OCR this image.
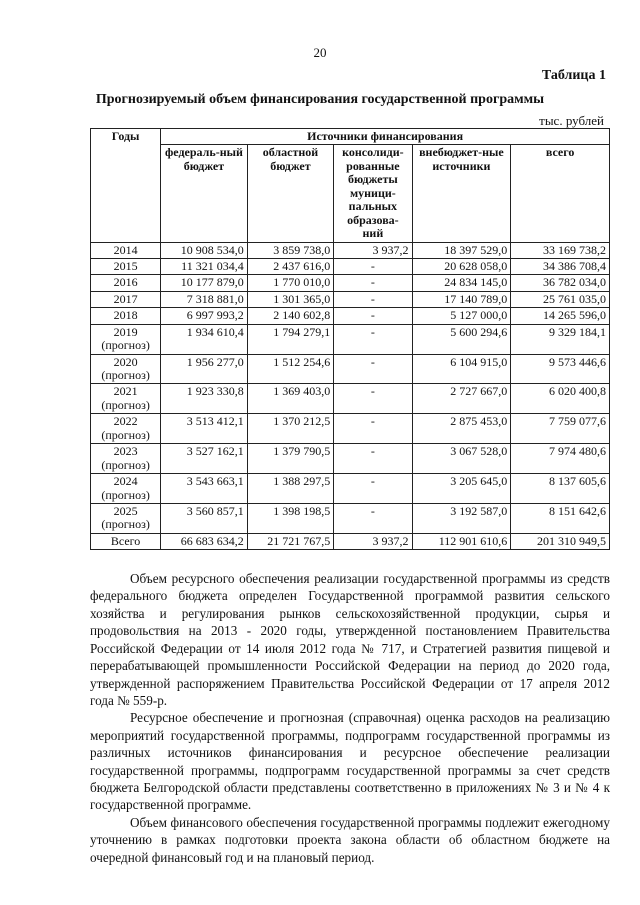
20
Таблица 1
Прогнозируемый объем финансирования государственной программы
тыс. рублей
Годы	Источники финансирования				
	федераль-ный бюджет	областной бюджет	консолиди-рованные бюджеты муници-пальных образова-ний	внебюджет-ные источники	всего

2014	10 908 534,0	3 859 738,0	3 937,2	18 397 529,0	33 169 738,2

2015	11 321 034,4	2 437 616,0	-	20 628 058,0	34 386 708,4

2016	10 177 879,0	1 770 010,0	-	24 834 145,0	36 782 034,0

2017	7 318 881,0	1 301 365,0	-	17 140 789,0	25 761 035,0

2018	6 997 993,2	2 140 602,8	-	5 127 000,0	14 265 596,0

2019
(прогноз)	1 934 610,4	1 794 279,1	-	5 600 294,6	9 329 184,1

2020
(прогноз)	1 956 277,0	1 512 254,6	-	6 104 915,0	9 573 446,6

2021
(прогноз)	1 923 330,8	1 369 403,0	-	2 727 667,0	6 020 400,8

2022
(прогноз)	3 513 412,1	1 370 212,5	-	2 875 453,0	7 759 077,6

2023
(прогноз)	3 527 162,1	1 379 790,5	-	3 067 528,0	7 974 480,6

2024
(прогноз)	3 543 663,1	1 388 297,5	-	3 205 645,0	8 137 605,6

2025
(прогноз)	3 560 857,1	1 398 198,5	-	3 192 587,0	8 151 642,6
Всего	66 683 634,2	21 721 767,5	3 937,2	112 901 610,6	201 310 949,5

Объем ресурсного обеспечения реализации государственной программы из средств федерального бюджета определен Государственной программой развития сельского хозяйства и регулирования рынков сельскохозяйственной продукции, сырья и продовольствия на 2013 - 2020 годы, утвержденной постановлением Правительства Российской Федерации от 14 июля 2012 года № 717, и Стратегией развития пищевой и перерабатывающей промышленности Российской Федерации на период до 2020 года, утвержденной распоряжением Правительства Российской Федерации от 17 апреля 2012 года № 559-р.

Ресурсное обеспечение и прогнозная (справочная) оценка расходов на реализацию мероприятий государственной программы, подпрограмм государственной программы из различных источников финансирования и ресурсное обеспечение реализации государственной программы, подпрограмм государственной программы за счет средств бюджета Белгородской области представлены соответственно в приложениях № 3 и № 4 к государственной программе.

Объем финансового обеспечения государственной программы подлежит ежегодному уточнению в рамках подготовки проекта закона области об областном бюджете на очередной финансовый год и на плановый период.
